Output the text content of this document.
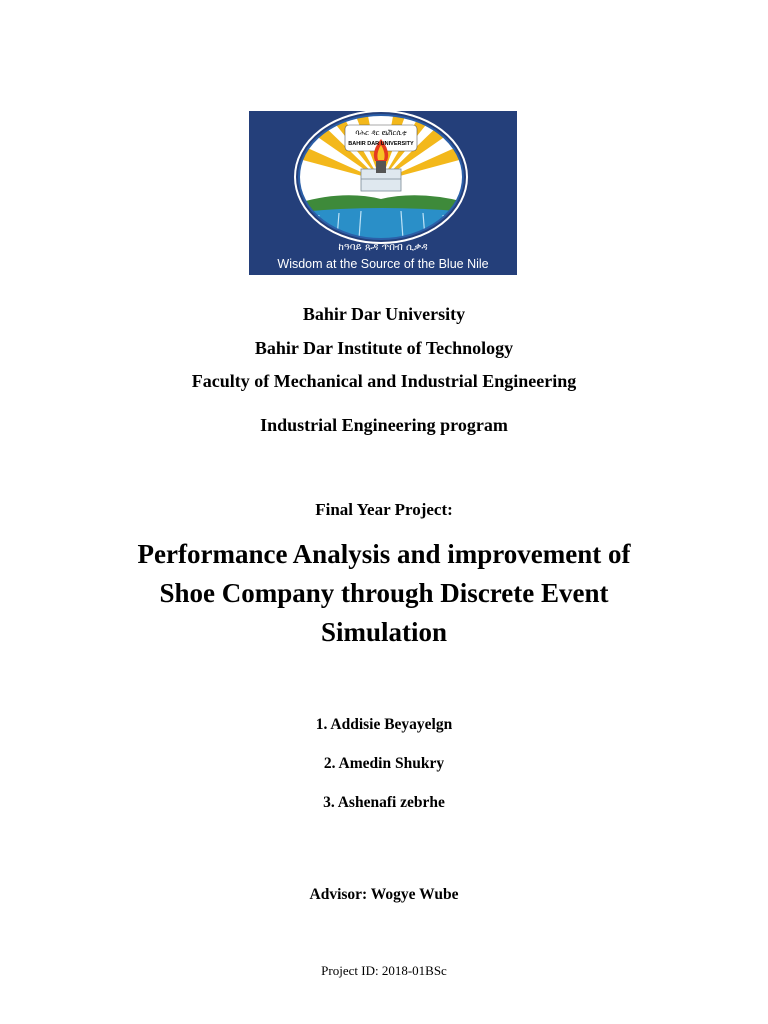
ባሕር ዳር ዩኒቨርሲቲ
BAHIR DAR UNIVERSITY
ከዓባይ ጹዳ ጥበብ ሲቃዳ
Wisdom at the Source of the Blue Nile
Bahir Dar University
Bahir Dar Institute of Technology
Faculty of Mechanical and Industrial Engineering
Industrial Engineering program
Final Year Project:
Performance Analysis and improvement of
Shoe Company through Discrete Event
Simulation
1. Addisie Beyayelgn
2. Amedin Shukry
3. Ashenafi zebrhe
Advisor: Wogye Wube
Project ID: 2018-01BSc
